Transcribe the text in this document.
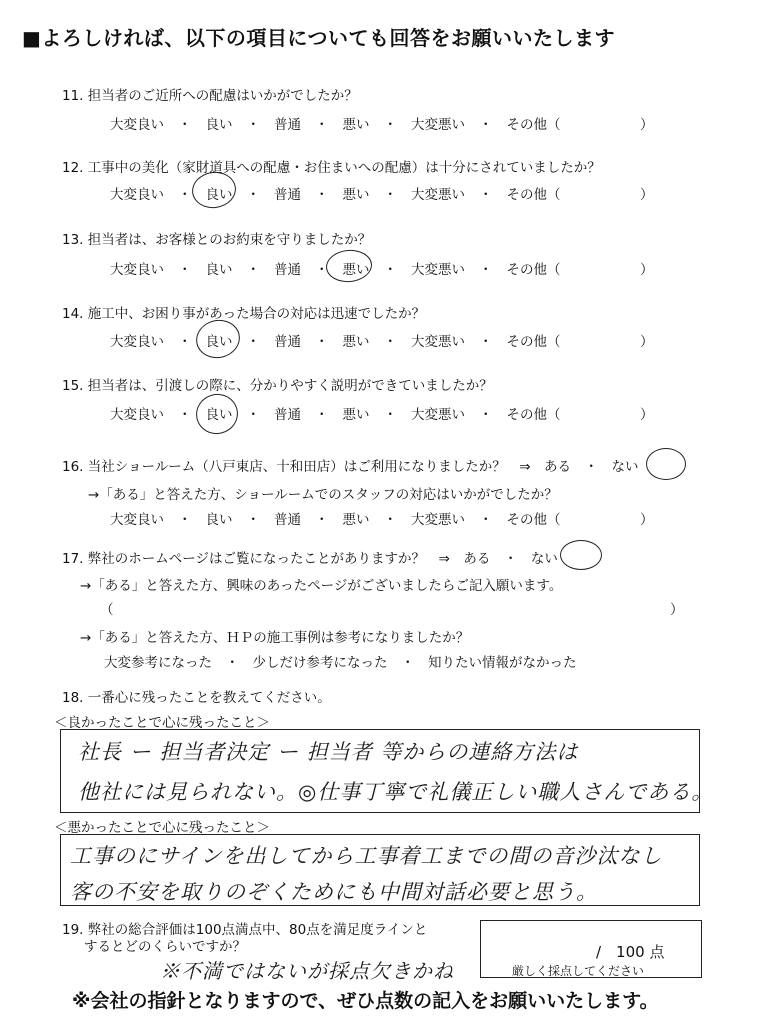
■よろしければ、以下の項目についても回答をお願いいたします
11. 担当者のご近所への配慮はいかがでしたか？
大変良い ・ 良い ・ 普通 ・ 悪い ・ 大変悪い ・ その他（	）
12. 工事中の美化（家財道具への配慮・お住まいへの配慮）は十分にされていましたか？
大変良い ・ 良い ・ 普通 ・ 悪い ・ 大変悪い ・ その他（	）
13. 担当者は、お客様とのお約束を守りましたか？
大変良い ・ 良い ・ 普通 ・ 悪い ・ 大変悪い ・ その他（	）
14. 施工中、お困り事があった場合の対応は迅速でしたか？
大変良い ・ 良い ・ 普通 ・ 悪い ・ 大変悪い ・ その他（	）
15. 担当者は、引渡しの際に、分かりやすく説明ができていましたか？
大変良い ・ 良い ・ 普通 ・ 悪い ・ 大変悪い ・ その他（	）
16. 当社ショールーム（八戸東店、十和田店）はご利用になりましたか？　⇒　ある　・　ない
→「ある」と答えた方、ショールームでのスタッフの対応はいかがでしたか？
大変良い ・ 良い ・ 普通 ・ 悪い ・ 大変悪い ・ その他（	）
17. 弊社のホームページはご覧になったことがありますか？　⇒　ある　・　ない
→「ある」と答えた方、興味のあったページがございましたらご記入願います。
（	）
→「ある」と答えた方、ＨＰの施工事例は参考になりましたか？
大変参考になった　・　少しだけ参考になった　・　知りたい情報がなかった
18. 一番心に残ったことを教えてください。
＜良かったことで心に残ったこと＞
社長 ー 担当者決定 ー 担当者 等からの連絡方法は
他社には見られない。◎仕事丁寧で礼儀正しい職人さんである。
＜悪かったことで心に残ったこと＞
工事のにサインを出してから工事着工までの間の音沙汰なし
客の不安を取りのぞくためにも中間対話必要と思う。
19. 弊社の総合評価は100点満点中、80点を満足度ラインと
するとどのくらいですか？	/　100 点
厳しく採点してください
※不満ではないが採点欠きかね
※会社の指針となりますので、ぜひ点数の記入をお願いいたします。
